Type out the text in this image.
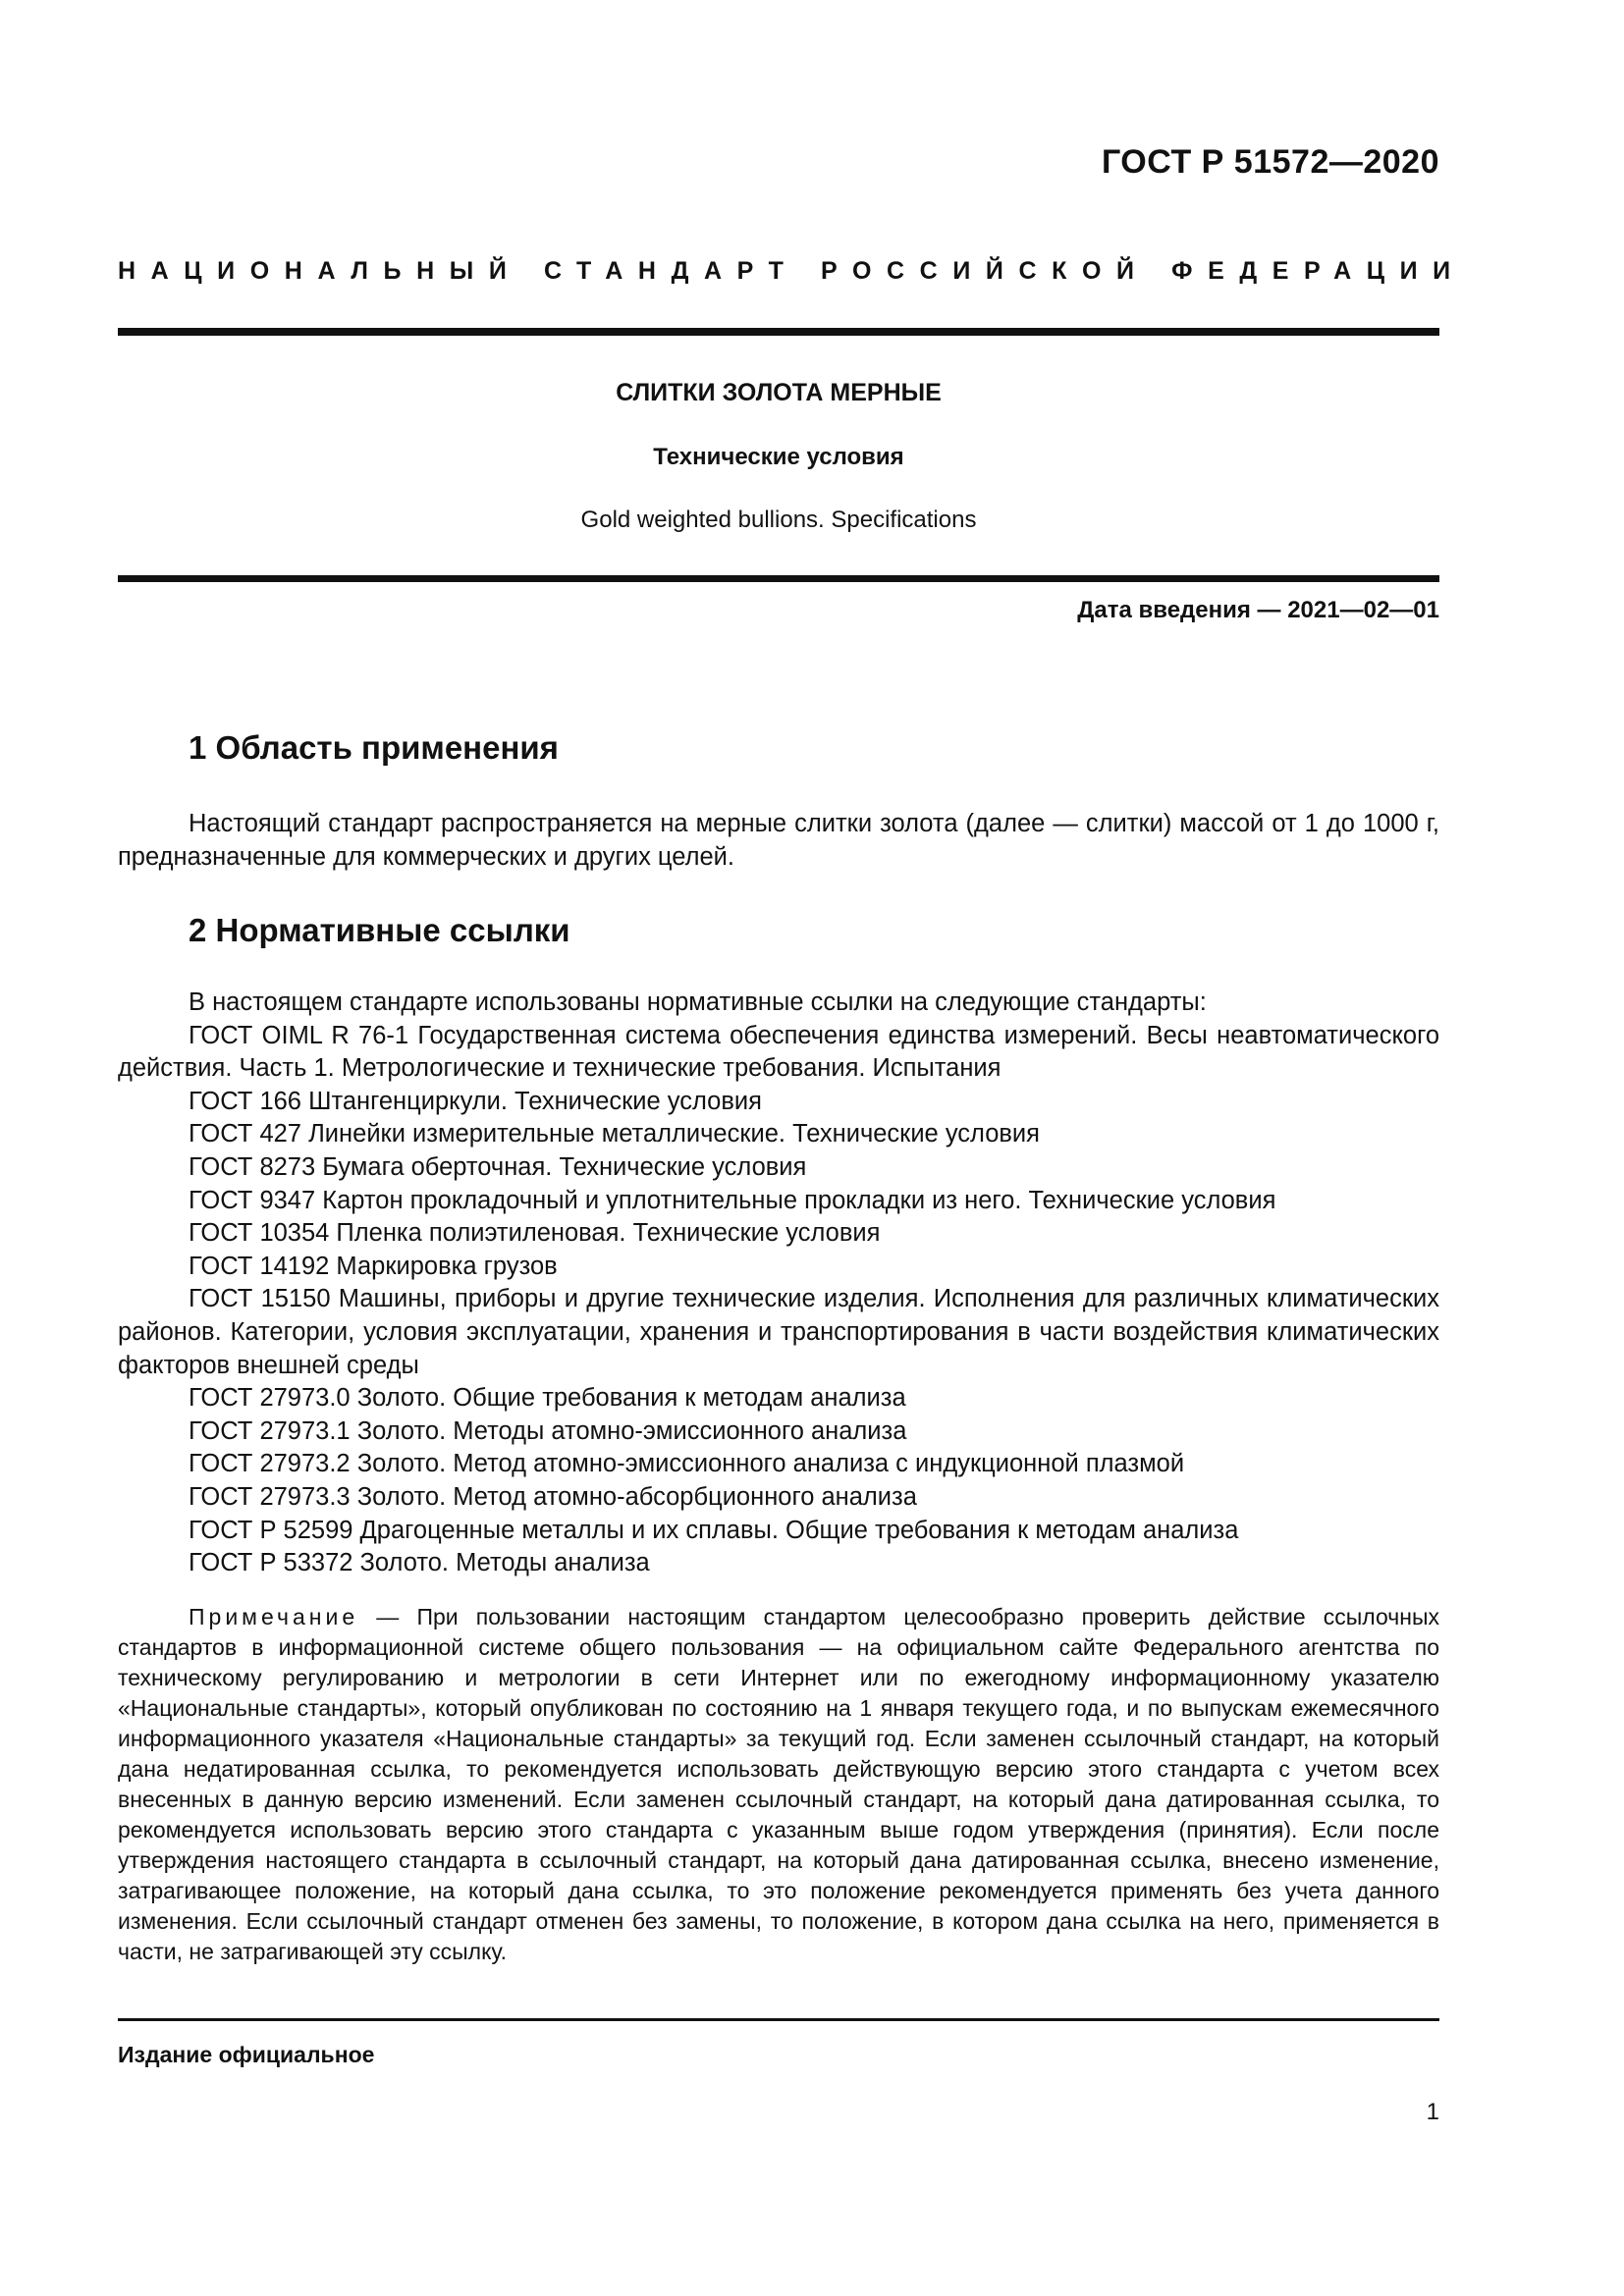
ГОСТ Р 51572—2020
НАЦИОНАЛЬНЫЙ СТАНДАРТ РОССИЙСКОЙ ФЕДЕРАЦИИ
СЛИТКИ ЗОЛОТА МЕРНЫЕ
Технические условия
Gold weighted bullions. Specifications
Дата введения — 2021—02—01
1 Область применения

Настоящий стандарт распространяется на мерные слитки золота (далее — слитки) массой от 1 до 1000 г, предназначенные для коммерческих и других целей.

2 Нормативные ссылки

В настоящем стандарте использованы нормативные ссылки на следующие стандарты:

ГОСТ OIML R 76-1 Государственная система обеспечения единства измерений. Весы неавтоматического действия. Часть 1. Метрологические и технические требования. Испытания

ГОСТ 166 Штангенциркули. Технические условия

ГОСТ 427 Линейки измерительные металлические. Технические условия

ГОСТ 8273 Бумага оберточная. Технические условия

ГОСТ 9347 Картон прокладочный и уплотнительные прокладки из него. Технические условия

ГОСТ 10354 Пленка полиэтиленовая. Технические условия

ГОСТ 14192 Маркировка грузов

ГОСТ 15150 Машины, приборы и другие технические изделия. Исполнения для различных климатических районов. Категории, условия эксплуатации, хранения и транспортирования в части воздействия климатических факторов внешней среды

ГОСТ 27973.0 Золото. Общие требования к методам анализа

ГОСТ 27973.1 Золото. Методы атомно-эмиссионного анализа

ГОСТ 27973.2 Золото. Метод атомно-эмиссионного анализа с индукционной плазмой

ГОСТ 27973.3 Золото. Метод атомно-абсорбционного анализа

ГОСТ Р 52599 Драгоценные металлы и их сплавы. Общие требования к методам анализа

ГОСТ Р 53372 Золото. Методы анализа

Примечание — При пользовании настоящим стандартом целесообразно проверить действие ссылочных стандартов в информационной системе общего пользования — на официальном сайте Федерального агентства по техническому регулированию и метрологии в сети Интернет или по ежегодному информационному указателю «Национальные стандарты», который опубликован по состоянию на 1 января текущего года, и по выпускам ежемесячного информационного указателя «Национальные стандарты» за текущий год. Если заменен ссылочный стандарт, на который дана недатированная ссылка, то рекомендуется использовать действующую версию этого стандарта с учетом всех внесенных в данную версию изменений. Если заменен ссылочный стандарт, на который дана датированная ссылка, то рекомендуется использовать версию этого стандарта с указанным выше годом утверждения (принятия). Если после утверждения настоящего стандарта в ссылочный стандарт, на который дана датированная ссылка, внесено изменение, затрагивающее положение, на который дана ссылка, то это положение рекомендуется применять без учета данного изменения. Если ссылочный стандарт отменен без замены, то положение, в котором дана ссылка на него, применяется в части, не затрагивающей эту ссылку.

Издание официальное
1
